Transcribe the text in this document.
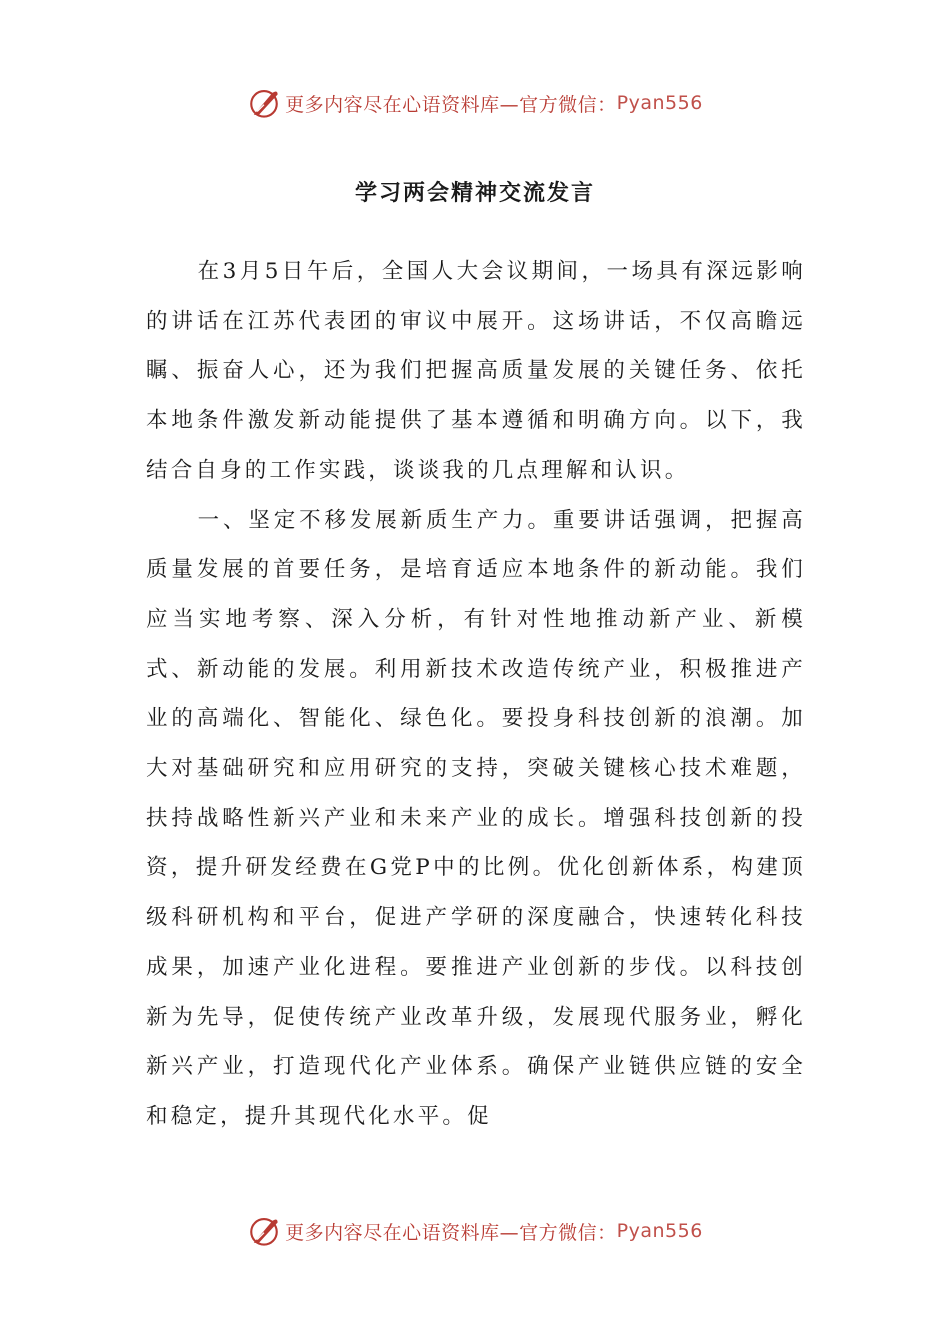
更多内容尽在心语资料库—官方微信： Pyan556
学习两会精神交流发言

在3月5日午后，全国人大会议期间，一场具有深远影响的讲话在江苏代表团的审议中展开。这场讲话，不仅高瞻远瞩、振奋人心，还为我们把握高质量发展的关键任务、依托本地条件激发新动能提供了基本遵循和明确方向。以下，我结合自身的工作实践，谈谈我的几点理解和认识。

一、坚定不移发展新质生产力。重要讲话强调，把握高质量发展的首要任务，是培育适应本地条件的新动能。我们应当实地考察、深入分析，有针对性地推动新产业、新模式、新动能的发展。利用新技术改造传统产业，积极推进产业的高端化、智能化、绿色化。要投身科技创新的浪潮。加大对基础研究和应用研究的支持，突破关键核心技术难题，扶持战略性新兴产业和未来产业的成长。增强科技创新的投资，提升研发经费在G党P中的比例。优化创新体系，构建顶级科研机构和平台，促进产学研的深度融合，快速转化科技成果，加速产业化进程。要推进产业创新的步伐。以科技创新为先导，促使传统产业改革升级，发展现代服务业，孵化新兴产业，打造现代化产业体系。确保产业链供应链的安全和稳定，提升其现代化水平。促

更多内容尽在心语资料库—官方微信： Pyan556
